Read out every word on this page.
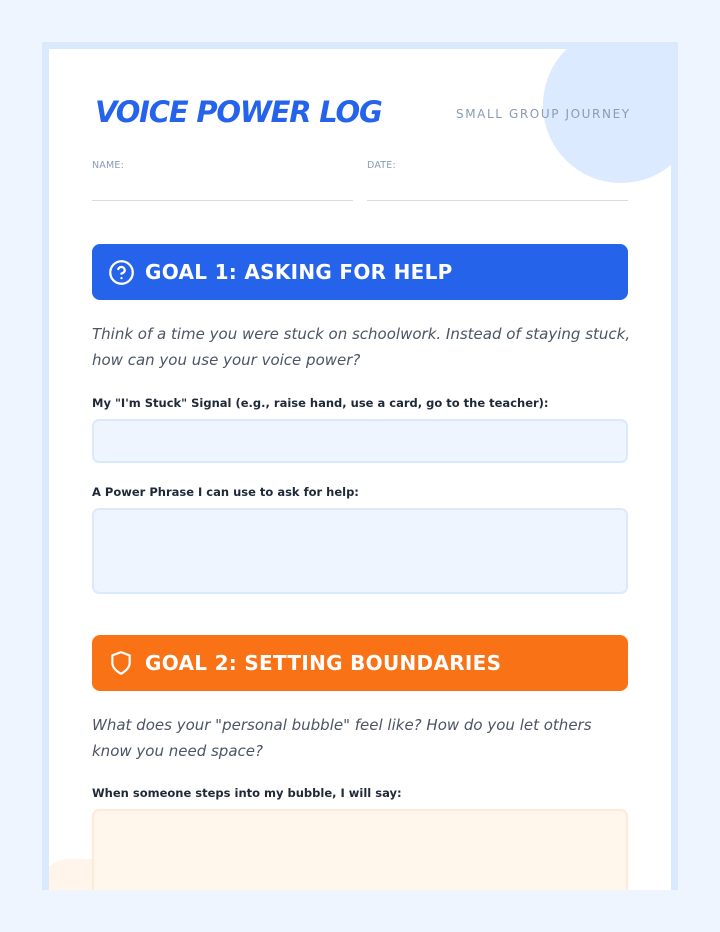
VOICE POWER LOG	SMALL GROUP JOURNEY
NAME:	DATE:
GOAL 1: ASKING FOR HELP
Think of a time you were stuck on schoolwork. Instead of staying stuck, how can you use your voice power?
My "I'm Stuck" Signal (e.g., raise hand, use a card, go to the teacher):
A Power Phrase I can use to ask for help:
GOAL 2: SETTING BOUNDARIES
What does your "personal bubble" feel like? How do you let others know you need space?
When someone steps into my bubble, I will say:
